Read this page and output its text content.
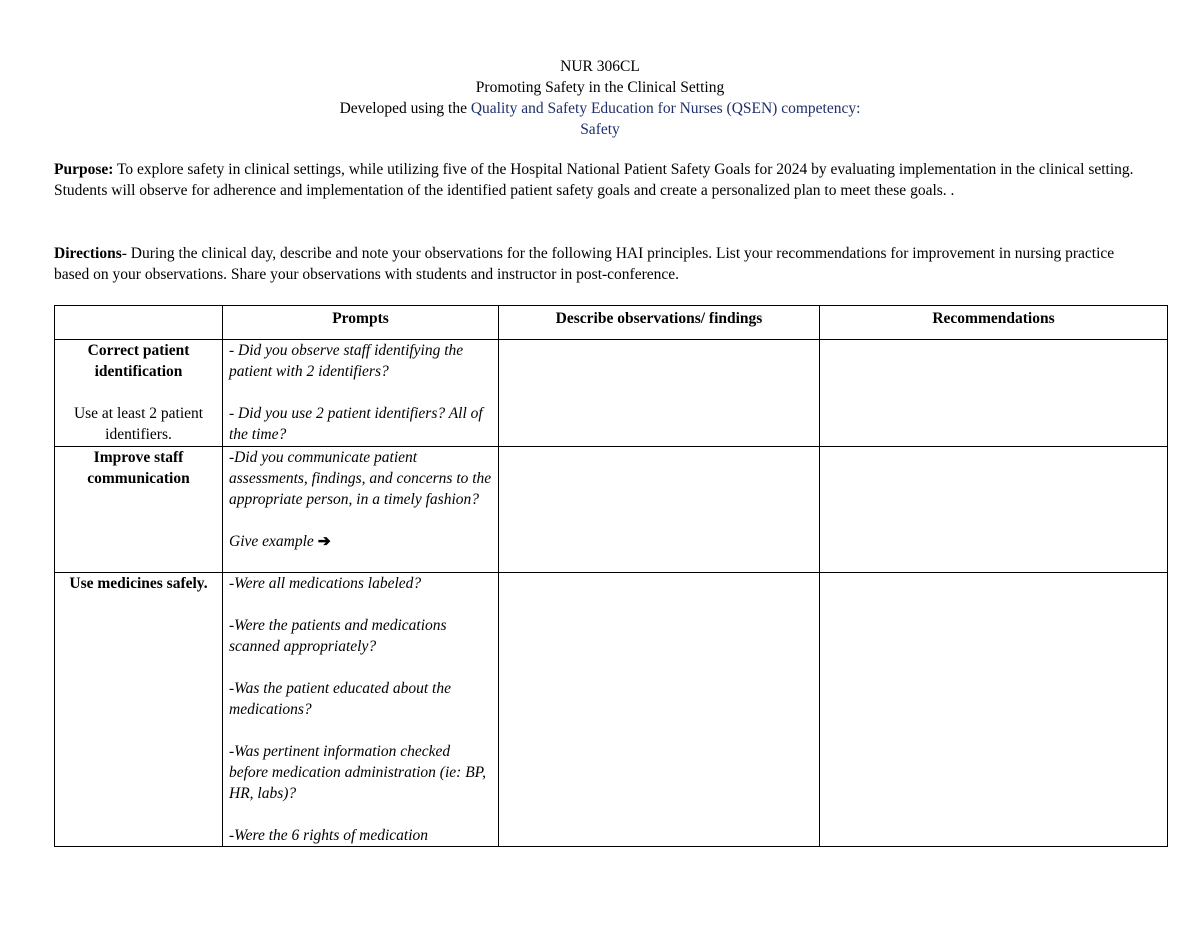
NUR 306CL
Promoting Safety in the Clinical Setting
Developed using the Quality and Safety Education for Nurses (QSEN) competency:
Safety
Purpose: To explore safety in clinical settings, while utilizing five of the Hospital National Patient Safety Goals for 2024 by evaluating implementation in the clinical setting. Students will observe for adherence and implementation of the identified patient safety goals and create a personalized plan to meet these goals. .
Directions- During the clinical day, describe and note your observations for the following HAI principles. List your recommendations for improvement in nursing practice based on your observations. Share your observations with students and instructor in post-conference.
	Prompts	Describe observations/ findings	Recommendations

Correct patient identification
Use at least 2 patient identifiers.	- Did you observe staff identifying the patient with 2 identifiers?
- Did you use 2 patient identifiers? All of the time?		

Improve staff communication	-Did you communicate patient assessments, findings, and concerns to the appropriate person, in a timely fashion?
Give example ➔		

Use medicines safely.	-Were all medications labeled?
-Were the patients and medications scanned appropriately?
-Was the patient educated about the medications?
-Was pertinent information checked before medication administration (ie: BP, HR, labs)?
-Were the 6 rights of medication		
